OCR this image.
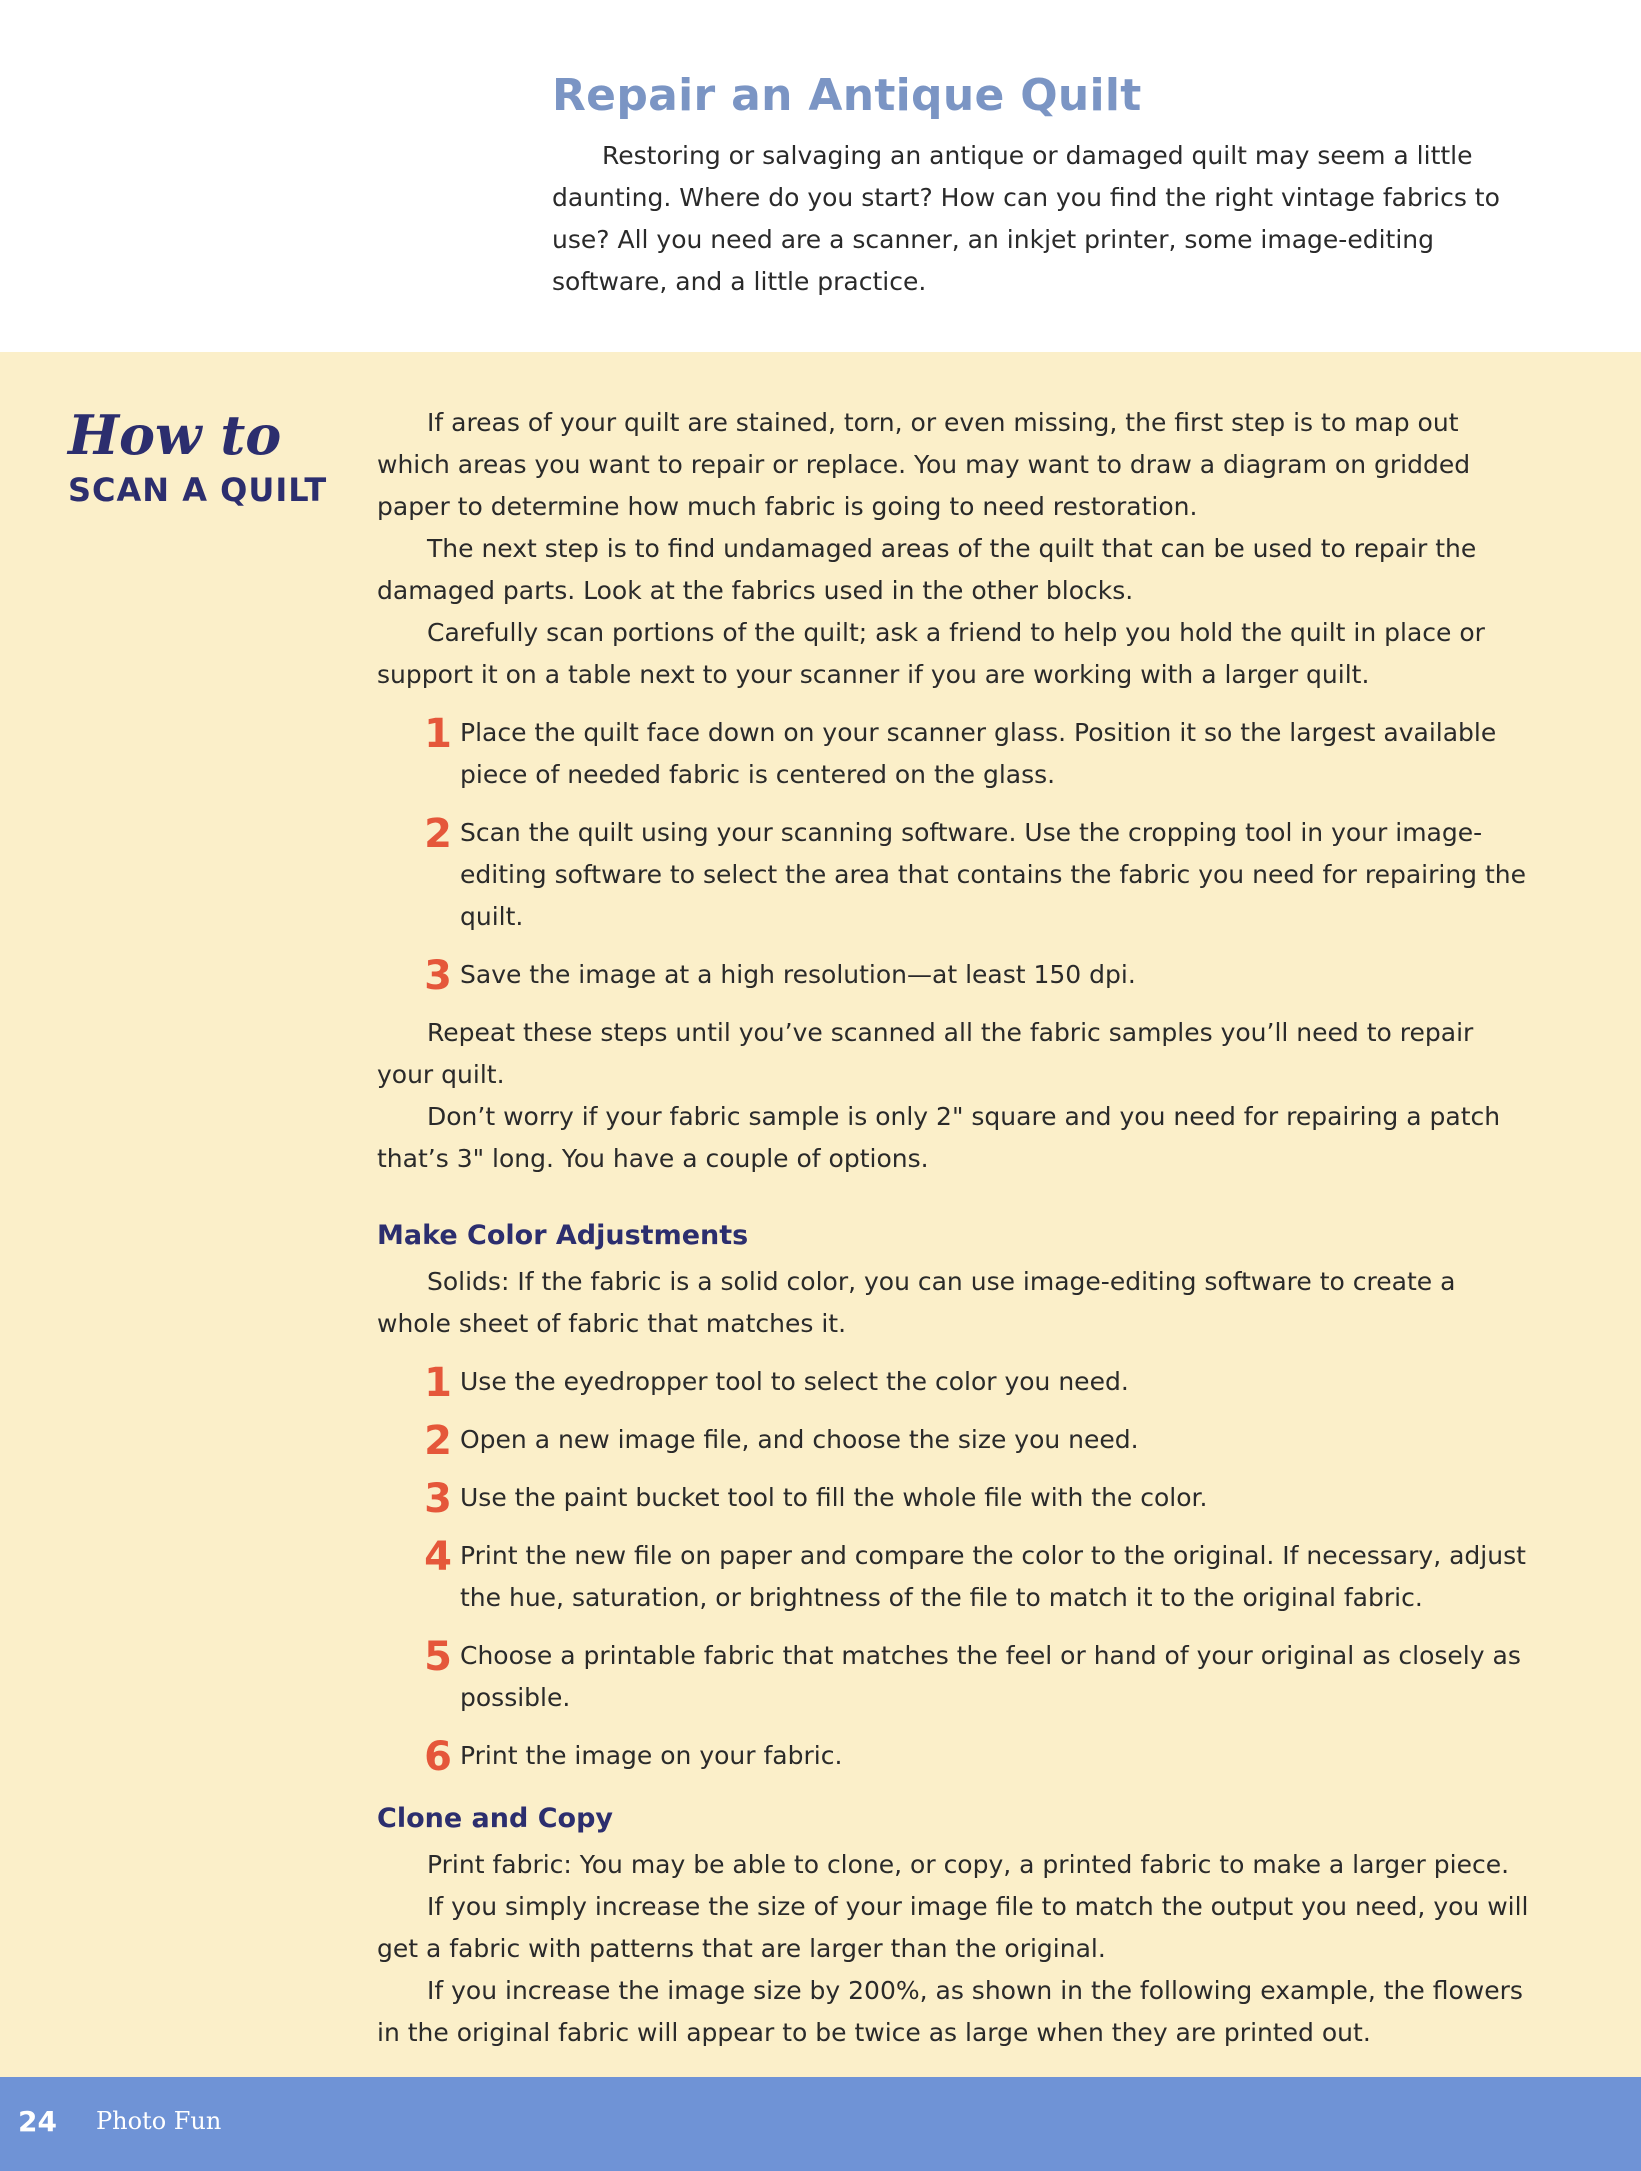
Repair an Antique Quilt

Restoring or salvaging an antique or damaged quilt may seem a little daunting. Where do you start? How can you find the right vintage fabrics to use? All you need are a scanner, an inkjet printer, some image-editing software, and a little practice.

How to
SCAN A QUILT

If areas of your quilt are stained, torn, or even missing, the first step is to map out which areas you want to repair or replace. You may want to draw a diagram on gridded paper to determine how much fabric is going to need restoration.

The next step is to find undamaged areas of the quilt that can be used to repair the damaged parts. Look at the fabrics used in the other blocks.

Carefully scan portions of the quilt; ask a friend to help you hold the quilt in place or support it on a table next to your scanner if you are working with a larger quilt.

1 Place the quilt face down on your scanner glass. Position it so the largest available piece of needed fabric is centered on the glass.
2 Scan the quilt using your scanning software. Use the cropping tool in your image-editing software to select the area that contains the fabric you need for repairing the quilt.
3 Save the image at a high resolution—at least 150 dpi.

Repeat these steps until you’ve scanned all the fabric samples you’ll need to repair your quilt.

Don’t worry if your fabric sample is only 2" square and you need for repairing a patch that’s 3" long. You have a couple of options.

Make Color Adjustments

Solids: If the fabric is a solid color, you can use image-editing software to create a whole sheet of fabric that matches it.

1 Use the eyedropper tool to select the color you need.
2 Open a new image file, and choose the size you need.
3 Use the paint bucket tool to fill the whole file with the color.
4 Print the new file on paper and compare the color to the original. If necessary, adjust the hue, saturation, or brightness of the file to match it to the original fabric.
5 Choose a printable fabric that matches the feel or hand of your original as closely as possible.
6 Print the image on your fabric.
Clone and Copy

Print fabric: You may be able to clone, or copy, a printed fabric to make a larger piece.

If you simply increase the size of your image file to match the output you need, you will get a fabric with patterns that are larger than the original.

If you increase the image size by 200%, as shown in the following example, the flowers in the original fabric will appear to be twice as large when they are printed out.

24 Photo Fun
